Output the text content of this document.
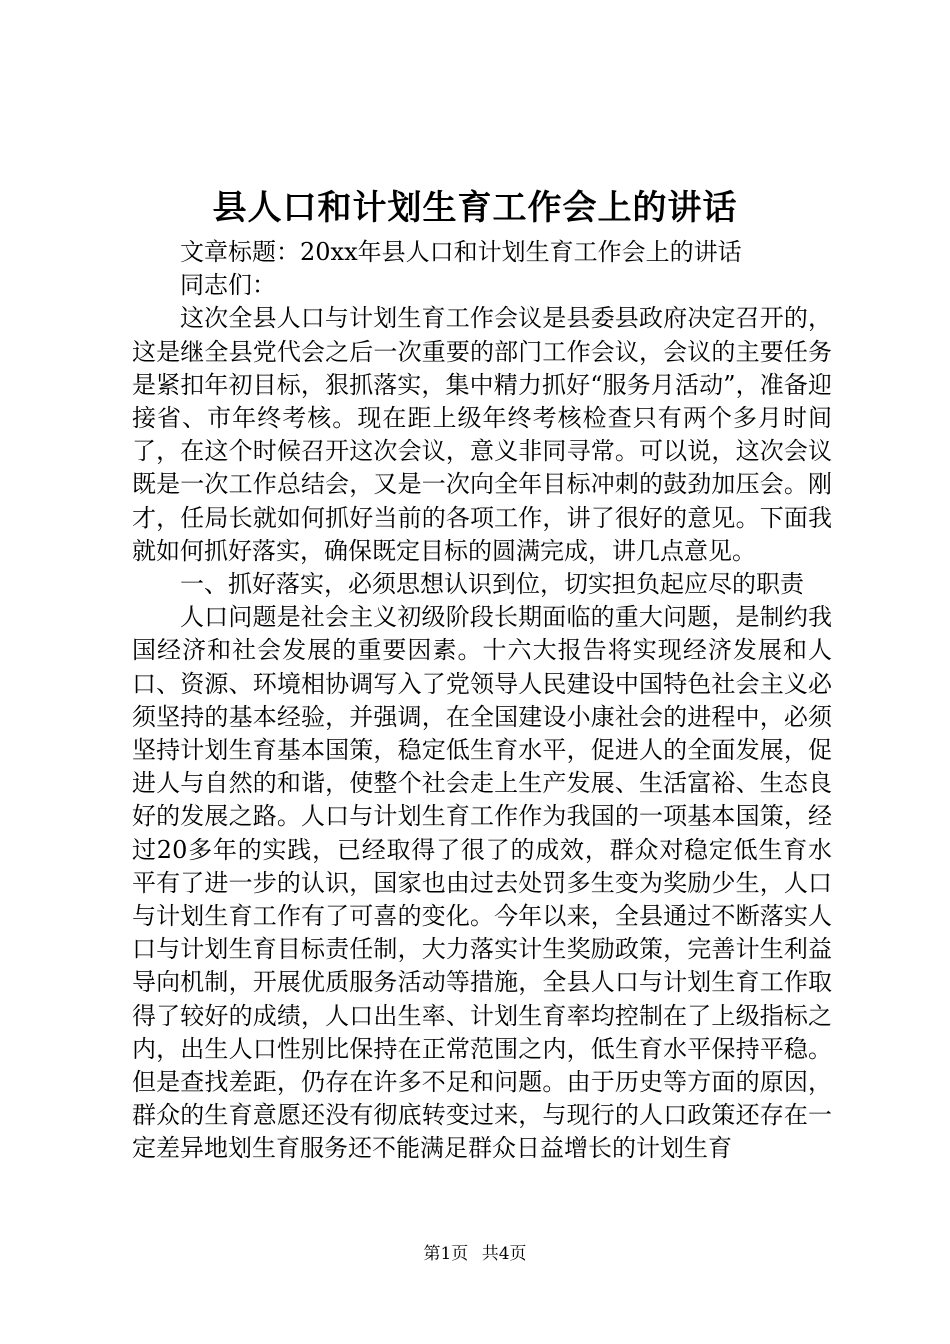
县人口和计划生育工作会上的讲话

文章标题：20xx年县人口和计划生育工作会上的讲话

同志们：

这次全县人口与计划生育工作会议是县委县政府决定召开的，这是继全县党代会之后一次重要的部门工作会议，会议的主要任务是紧扣年初目标，狠抓落实，集中精力抓好“服务月活动”，准备迎接省、市年终考核。现在距上级年终考核检查只有两个多月时间了，在这个时候召开这次会议，意义非同寻常。可以说，这次会议既是一次工作总结会，又是一次向全年目标冲刺的鼓劲加压会。刚才，任局长就如何抓好当前的各项工作，讲了很好的意见。下面我就如何抓好落实，确保既定目标的圆满完成，讲几点意见。

一、抓好落实，必须思想认识到位，切实担负起应尽的职责

人口问题是社会主义初级阶段长期面临的重大问题，是制约我国经济和社会发展的重要因素。十六大报告将实现经济发展和人口、资源、环境相协调写入了党领导人民建设中国特色社会主义必须坚持的基本经验，并强调，在全国建设小康社会的进程中，必须坚持计划生育基本国策，稳定低生育水平，促进人的全面发展，促进人与自然的和谐，使整个社会走上生产发展、生活富裕、生态良好的发展之路。人口与计划生育工作作为我国的一项基本国策，经过20多年的实践，已经取得了很了的成效，群众对稳定低生育水平有了进一步的认识，国家也由过去处罚多生变为奖励少生，人口与计划生育工作有了可喜的变化。今年以来，全县通过不断落实人口与计划生育目标责任制，大力落实计生奖励政策，完善计生利益导向机制，开展优质服务活动等措施，全县人口与计划生育工作取得了较好的成绩，人口出生率、计划生育率均控制在了上级指标之内，出生人口性别比保持在正常范围之内，低生育水平保持平稳。但是查找差距，仍存在许多不足和问题。由于历史等方面的原因，群众的生育意愿还没有彻底转变过来，与现行的人口政策还存在一定差异地划生育服务还不能满足群众日益增长的计划生育

第1页 共4页
